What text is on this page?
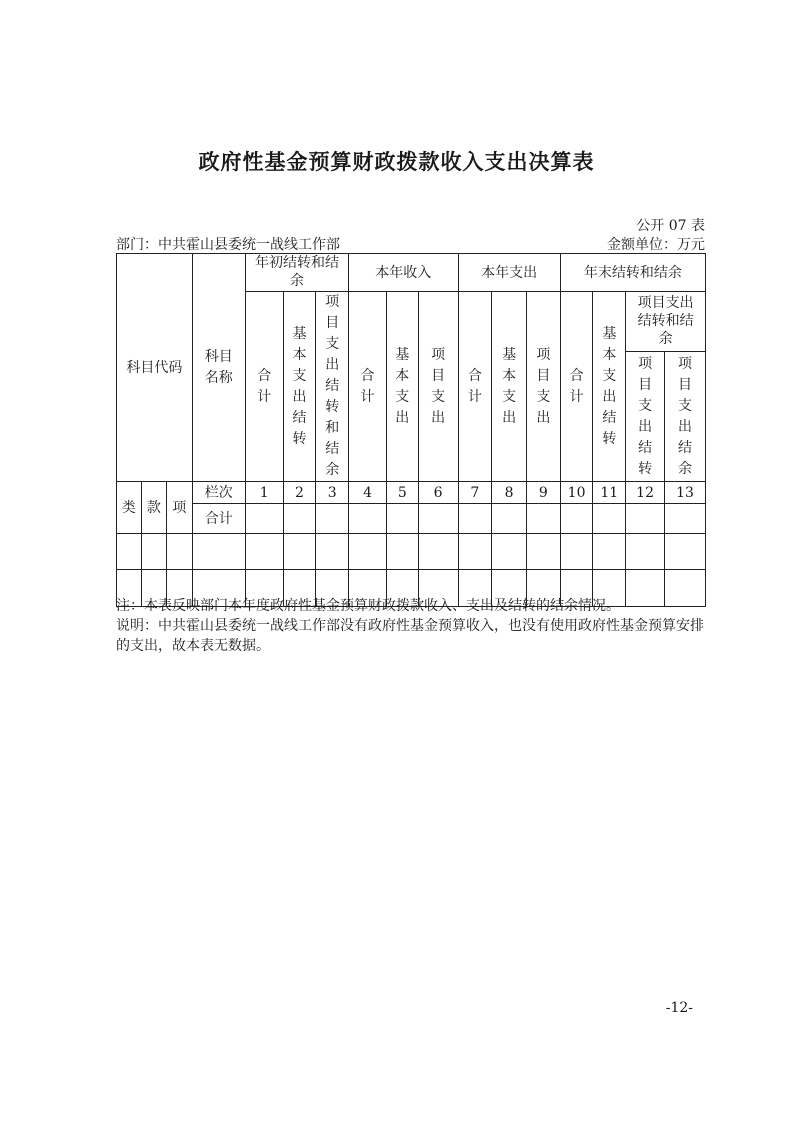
政府性基金预算财政拨款收入支出决算表
公开 07 表
部门：中共霍山县委统一战线工作部	金额单位：万元
科目代码			科目名称	年初结转和结余			本年收入			本年支出			年末结转和结余			
				合计	基本支出结转	项目支出结转和结余	合计	基本支出	项目支出	合计	基本支出	项目支出	合计	基本支出结转	项目支出结转和结余	
															项目支出结转	项目支出结余
类	款	项	栏次	1	2	3	4	5	6	7	8	9	10	11	12	13
			合计													

注：本表反映部门本年度政府性基金预算财政拨款收入、支出及结转的结余情况。

说明：中共霍山县委统一战线工作部没有政府性基金预算收入，也没有使用政府性基金预算安排的支出，故本表无数据。

-12-
